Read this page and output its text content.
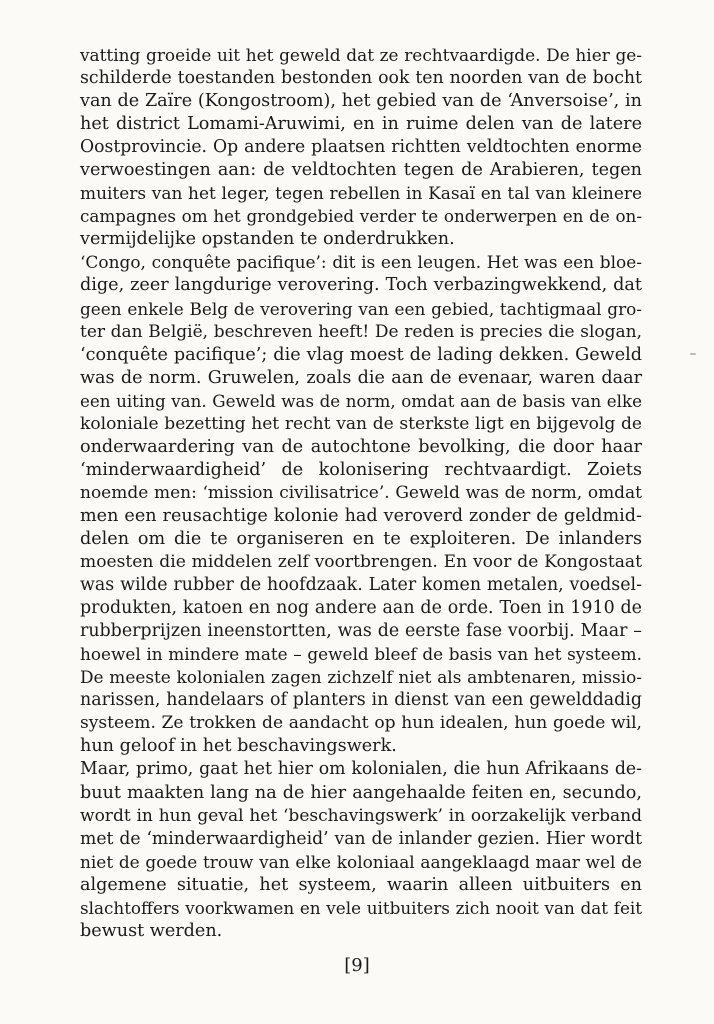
vatting groeide uit het geweld dat ze rechtvaardigde. De hier ge-
schilderde toestanden bestonden ook ten noorden van de bocht
van de Zaïre (Kongostroom), het gebied van de ‘Anversoise’, in
het district Lomami-Aruwimi, en in ruime delen van de latere
Oostprovincie. Op andere plaatsen richtten veldtochten enorme
verwoestingen aan: de veldtochten tegen de Arabieren, tegen
muiters van het leger, tegen rebellen in Kasaï en tal van kleinere
campagnes om het grondgebied verder te onderwerpen en de on-
vermijdelijke opstanden te onderdrukken.
‘Congo, conquête pacifique’: dit is een leugen. Het was een bloe-
dige, zeer langdurige verovering. Toch verbazingwekkend, dat
geen enkele Belg de verovering van een gebied, tachtigmaal gro-
ter dan België, beschreven heeft! De reden is precies die slogan,
‘conquête pacifique’; die vlag moest de lading dekken. Geweld
was de norm. Gruwelen, zoals die aan de evenaar, waren daar
een uiting van. Geweld was de norm, omdat aan de basis van elke
koloniale bezetting het recht van de sterkste ligt en bijgevolg de
onderwaardering van de autochtone bevolking, die door haar
‘minderwaardigheid’ de kolonisering rechtvaardigt. Zoiets
noemde men: ‘mission civilisatrice’. Geweld was de norm, omdat
men een reusachtige kolonie had veroverd zonder de geldmid-
delen om die te organiseren en te exploiteren. De inlanders
moesten die middelen zelf voortbrengen. En voor de Kongostaat
was wilde rubber de hoofdzaak. Later komen metalen, voedsel-
produkten, katoen en nog andere aan de orde. Toen in 1910 de
rubberprijzen ineenstortten, was de eerste fase voorbij. Maar –
hoewel in mindere mate – geweld bleef de basis van het systeem.
De meeste kolonialen zagen zichzelf niet als ambtenaren, missio-
narissen, handelaars of planters in dienst van een gewelddadig
systeem. Ze trokken de aandacht op hun idealen, hun goede wil,
hun geloof in het beschavingswerk.
Maar, primo, gaat het hier om kolonialen, die hun Afrikaans de-
buut maakten lang na de hier aangehaalde feiten en, secundo,
wordt in hun geval het ‘beschavingswerk’ in oorzakelijk verband
met de ‘minderwaardigheid’ van de inlander gezien. Hier wordt
niet de goede trouw van elke koloniaal aangeklaagd maar wel de
algemene situatie, het systeem, waarin alleen uitbuiters en
slachtoffers voorkwamen en vele uitbuiters zich nooit van dat feit
bewust werden.
[9]
